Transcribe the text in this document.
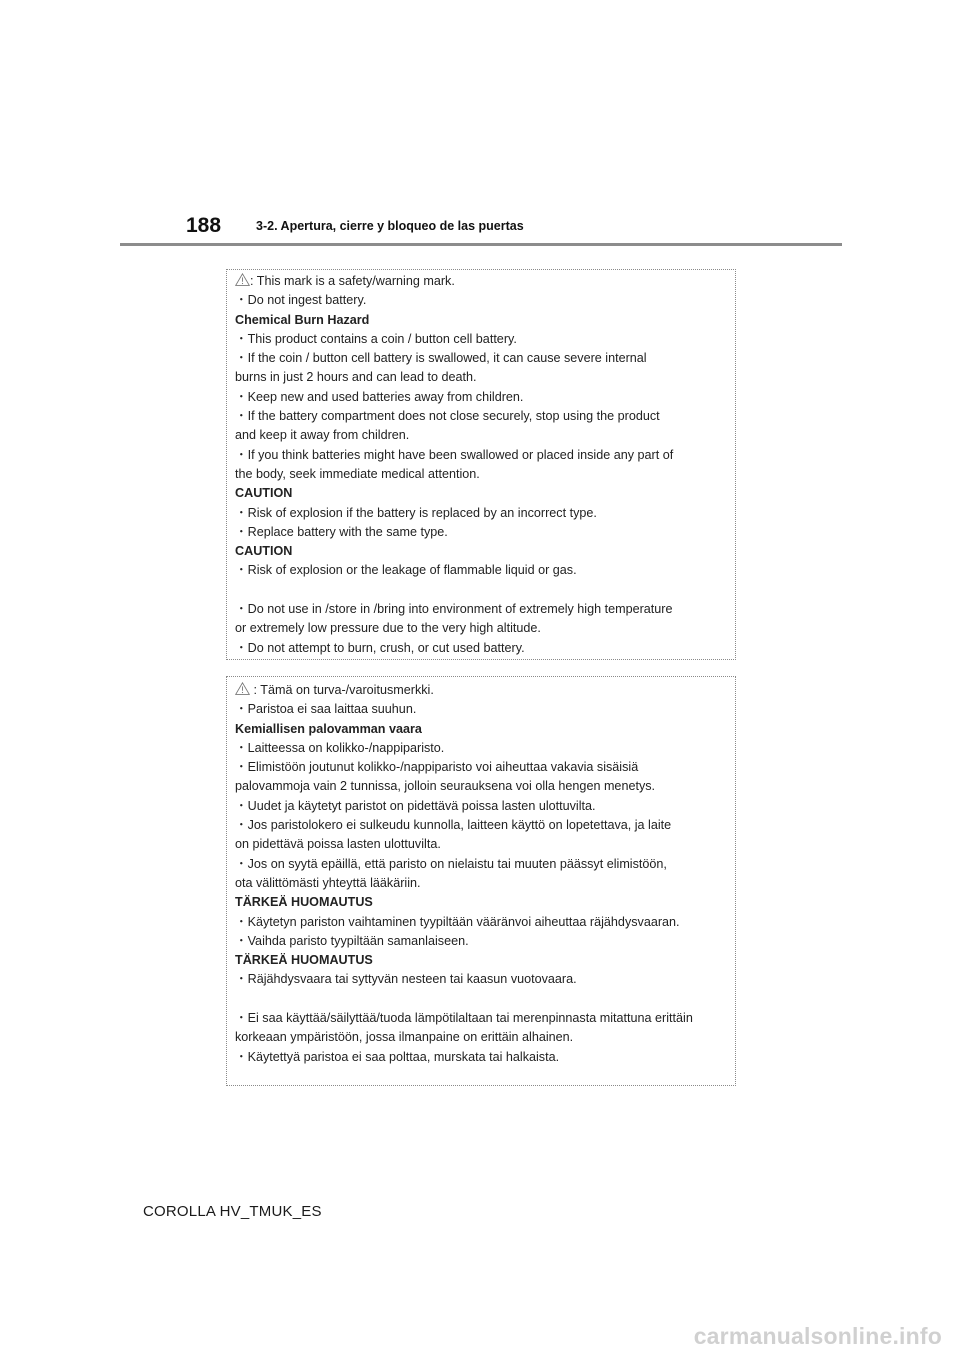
188	3-2. Apertura, cierre y bloqueo de las puertas
: This mark is a safety/warning mark.
・Do not ingest battery.
Chemical Burn Hazard
・This product contains a coin / button cell battery.
・If the coin / button cell battery is swallowed, it can cause severe internal
burns in just 2 hours and can lead to death.
・Keep new and used batteries away from children.
・If the battery compartment does not close securely, stop using the product
and keep it away from children.
・If you think batteries might have been swallowed or placed inside any part of
the body, seek immediate medical attention.
CAUTION
・Risk of explosion if the battery is replaced by an incorrect type.
・Replace battery with the same type.
CAUTION
・Risk of explosion or the leakage of flammable liquid or gas.
・Do not use in /store in /bring into environment of extremely high temperature
or extremely low pressure due to the very high altitude.
・Do not attempt to burn, crush, or cut used battery.
: Tämä on turva-/varoitusmerkki.
・Paristoa ei saa laittaa suuhun.
Kemiallisen palovamman vaara
・Laitteessa on kolikko-/nappiparisto.
・Elimistöön joutunut kolikko-/nappiparisto voi aiheuttaa vakavia sisäisiä
palovammoja vain 2 tunnissa, jolloin seurauksena voi olla hengen menetys.
・Uudet ja käytetyt paristot on pidettävä poissa lasten ulottuvilta.
・Jos paristolokero ei sulkeudu kunnolla, laitteen käyttö on lopetettava, ja laite
on pidettävä poissa lasten ulottuvilta.
・Jos on syytä epäillä, että paristo on nielaistu tai muuten päässyt elimistöön,
ota välittömästi yhteyttä lääkäriin.
TÄRKEÄ HUOMAUTUS
・Käytetyn pariston vaihtaminen tyypiltään vääränvoi aiheuttaa räjähdysvaaran.
・Vaihda paristo tyypiltään samanlaiseen.
TÄRKEÄ HUOMAUTUS
・Räjähdysvaara tai syttyvän nesteen tai kaasun vuotovaara.
・Ei saa käyttää/säilyttää/tuoda lämpötilaltaan tai merenpinnasta mitattuna erittäin
korkeaan ympäristöön, jossa ilmanpaine on erittäin alhainen.
・Käytettyä paristoa ei saa polttaa, murskata tai halkaista.
COROLLA HV_TMUK_ES
carmanualsonline.info
